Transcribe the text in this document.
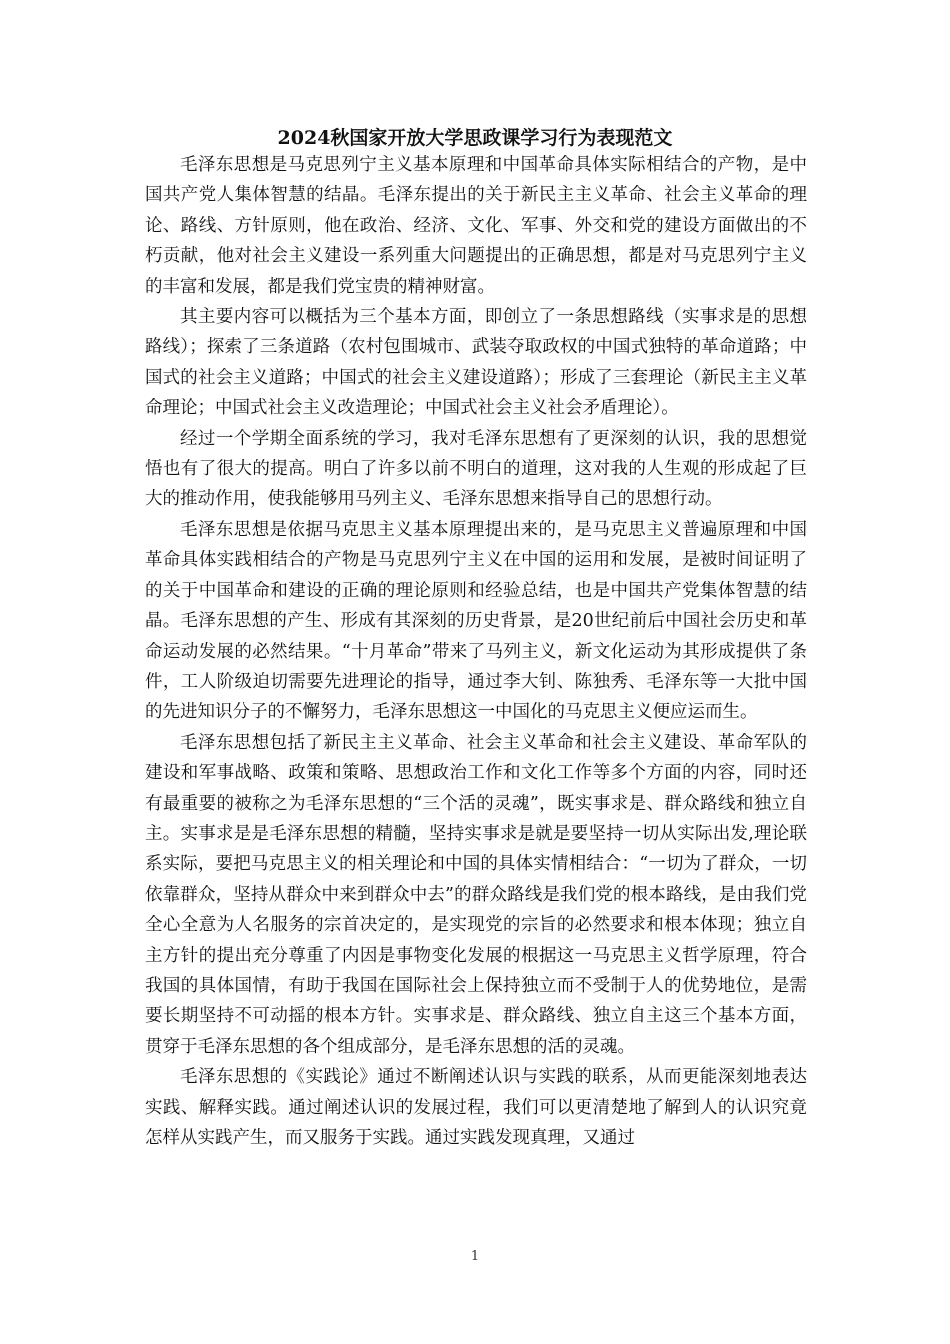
2024秋国家开放大学思政课学习行为表现范文

毛泽东思想是马克思列宁主义基本原理和中国革命具体实际相结合的产物，是中国共产党人集体智慧的结晶。毛泽东提出的关于新民主主义革命、社会主义革命的理论、路线、方针原则，他在政治、经济、文化、军事、外交和党的建设方面做出的不朽贡献，他对社会主义建设一系列重大问题提出的正确思想，都是对马克思列宁主义的丰富和发展，都是我们党宝贵的精神财富。

其主要内容可以概括为三个基本方面，即创立了一条思想路线（实事求是的思想路线）；探索了三条道路（农村包围城市、武装夺取政权的中国式独特的革命道路；中国式的社会主义道路；中国式的社会主义建设道路）；形成了三套理论（新民主主义革命理论；中国式社会主义改造理论；中国式社会主义社会矛盾理论）。

经过一个学期全面系统的学习，我对毛泽东思想有了更深刻的认识，我的思想觉悟也有了很大的提高。明白了许多以前不明白的道理，这对我的人生观的形成起了巨大的推动作用，使我能够用马列主义、毛泽东思想来指导自己的思想行动。

毛泽东思想是依据马克思主义基本原理提出来的，是马克思主义普遍原理和中国革命具体实践相结合的产物是马克思列宁主义在中国的运用和发展，是被时间证明了的关于中国革命和建设的正确的理论原则和经验总结，也是中国共产党集体智慧的结晶。毛泽东思想的产生、形成有其深刻的历史背景，是20世纪前后中国社会历史和革命运动发展的必然结果。“十月革命”带来了马列主义，新文化运动为其形成提供了条件，工人阶级迫切需要先进理论的指导，通过李大钊、陈独秀、毛泽东等一大批中国的先进知识分子的不懈努力，毛泽东思想这一中国化的马克思主义便应运而生。

毛泽东思想包括了新民主主义革命、社会主义革命和社会主义建设、革命军队的建设和军事战略、政策和策略、思想政治工作和文化工作等多个方面的内容，同时还有最重要的被称之为毛泽东思想的“三个活的灵魂”，既实事求是、群众路线和独立自主。实事求是是毛泽东思想的精髓，坚持实事求是就是要坚持一切从实际出发,理论联系实际，要把马克思主义的相关理论和中国的具体实情相结合：“一切为了群众，一切依靠群众，坚持从群众中来到群众中去”的群众路线是我们党的根本路线，是由我们党全心全意为人名服务的宗首决定的，是实现党的宗旨的必然要求和根本体现；独立自主方针的提出充分尊重了内因是事物变化发展的根据这一马克思主义哲学原理，符合我国的具体国情，有助于我国在国际社会上保持独立而不受制于人的优势地位，是需要长期坚持不可动摇的根本方针。实事求是、群众路线、独立自主这三个基本方面，贯穿于毛泽东思想的各个组成部分，是毛泽东思想的活的灵魂。

毛泽东思想的《实践论》通过不断阐述认识与实践的联系，从而更能深刻地表达实践、解释实践。通过阐述认识的发展过程，我们可以更清楚地了解到人的认识究竟怎样从实践产生，而又服务于实践。通过实践发现真理，又通过

1
